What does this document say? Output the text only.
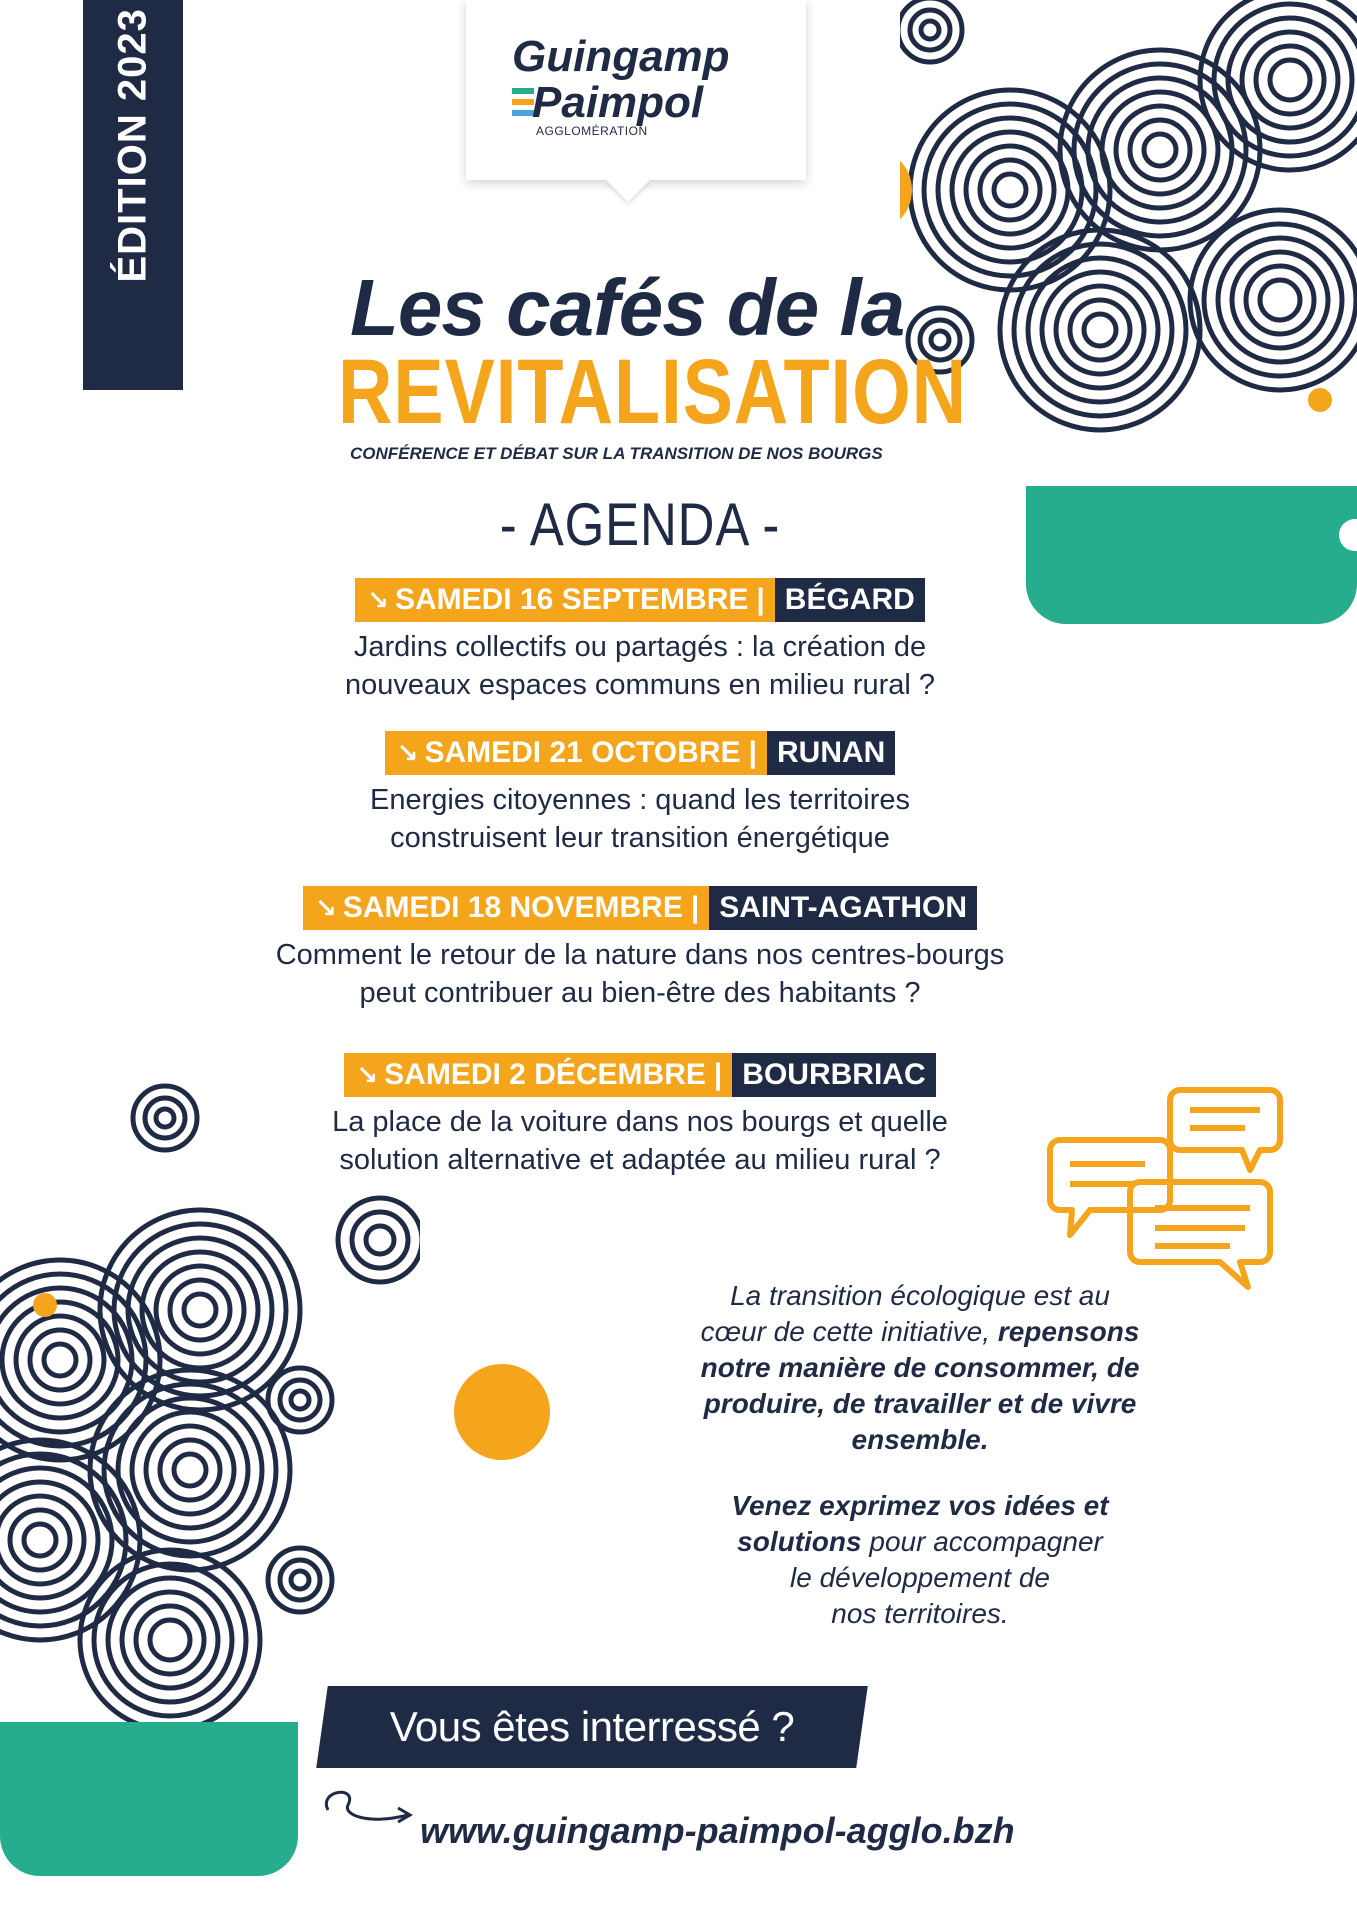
ÉDITION 2023	Guingamp
Paimpol
AGGLOMÉRATION
Les cafés de la
REVITALISATION
CONFÉRENCE ET DÉBAT SUR LA TRANSITION DE NOS BOURGS
- AGENDA -
↘ SAMEDI 16 SEPTEMBRE | BÉGARD
Jardins collectifs ou partagés : la création de
nouveaux espaces communs en milieu rural ?
↘ SAMEDI 21 OCTOBRE | RUNAN
Energies citoyennes : quand les territoires
construisent leur transition énergétique
↘ SAMEDI 18 NOVEMBRE | SAINT-AGATHON
Comment le retour de la nature dans nos centres-bourgs
peut contribuer au bien-être des habitants ?
↘ SAMEDI 2 DÉCEMBRE | BOURBRIAC
La place de la voiture dans nos bourgs et quelle
solution alternative et adaptée au milieu rural ?

La transition écologique est au
cœur de cette initiative, repensons
notre manière de consommer, de
produire, de travailler et de vivre
ensemble.

Venez exprimez vos idées et
solutions pour accompagner
le développement de
nos territoires.

Vous êtes interressé ?
www.guingamp-paimpol-agglo.bzh
